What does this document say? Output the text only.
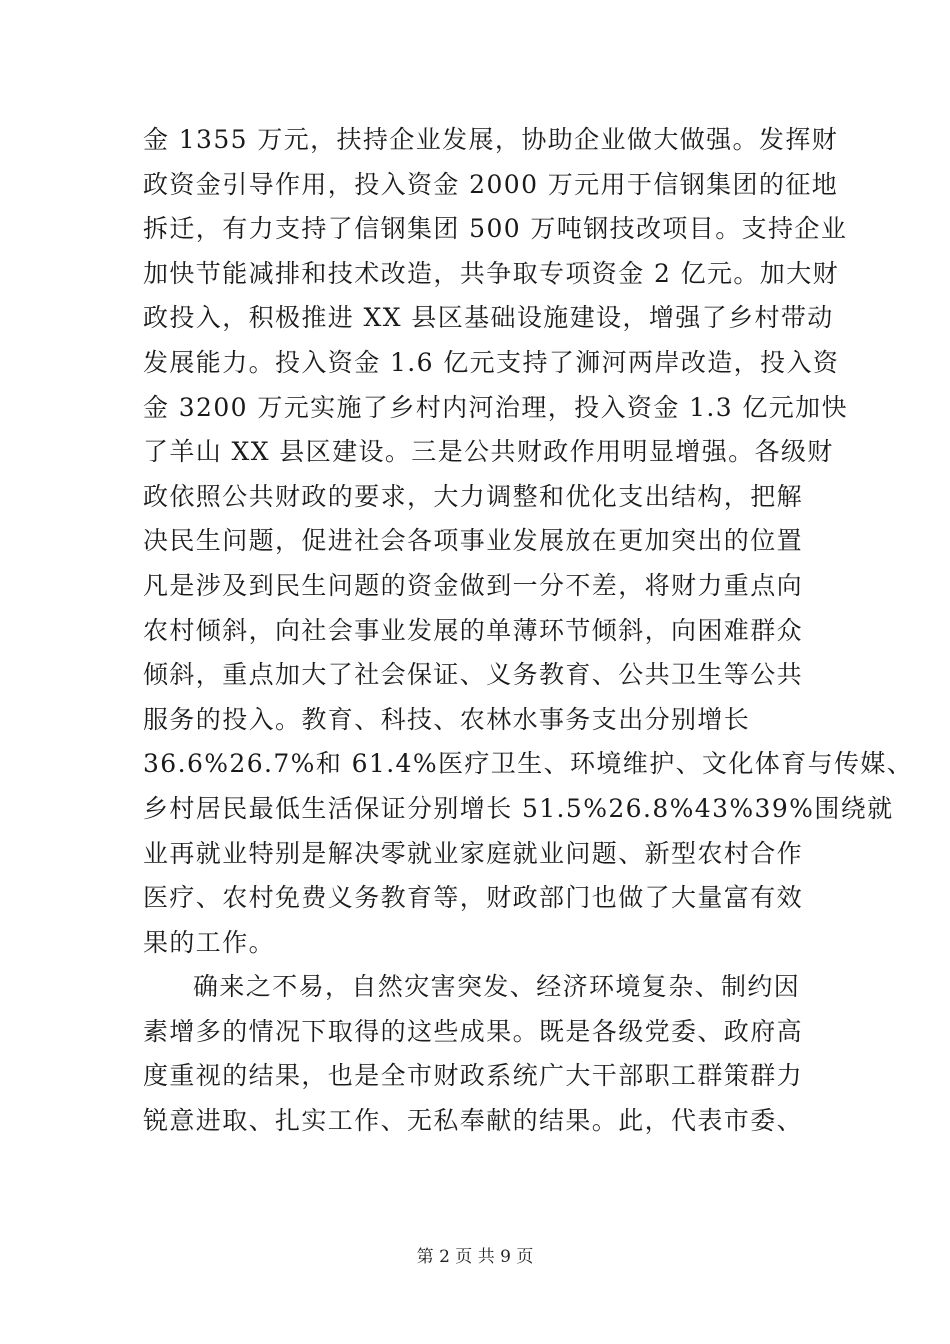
金 1355 万元，扶持企业发展，协助企业做大做强。发挥财
政资金引导作用，投入资金 2000 万元用于信钢集团的征地
拆迁，有力支持了信钢集团 500 万吨钢技改项目。支持企业
加快节能减排和技术改造，共争取专项资金 2 亿元。加大财
政投入，积极推进 XX 县区基础设施建设，增强了乡村带动
发展能力。投入资金 1.6 亿元支持了浉河两岸改造，投入资
金 3200 万元实施了乡村内河治理，投入资金 1.3 亿元加快
了羊山 XX 县区建设。三是公共财政作用明显增强。各级财
政依照公共财政的要求，大力调整和优化支出结构，把解
决民生问题，促进社会各项事业发展放在更加突出的位置
凡是涉及到民生问题的资金做到一分不差，将财力重点向
农村倾斜，向社会事业发展的单薄环节倾斜，向困难群众
倾斜，重点加大了社会保证、义务教育、公共卫生等公共
服务的投入。教育、科技、农林水事务支出分别增长
36.6%26.7%和 61.4%医疗卫生、环境维护、文化体育与传媒、
乡村居民最低生活保证分别增长 51.5%26.8%43%39%围绕就
业再就业特别是解决零就业家庭就业问题、新型农村合作
医疗、农村免费义务教育等，财政部门也做了大量富有效
果的工作。
确来之不易，自然灾害突发、经济环境复杂、制约因
素增多的情况下取得的这些成果。既是各级党委、政府高
度重视的结果，也是全市财政系统广大干部职工群策群力
锐意进取、扎实工作、无私奉献的结果。此，代表市委、
第 2 页 共 9 页
